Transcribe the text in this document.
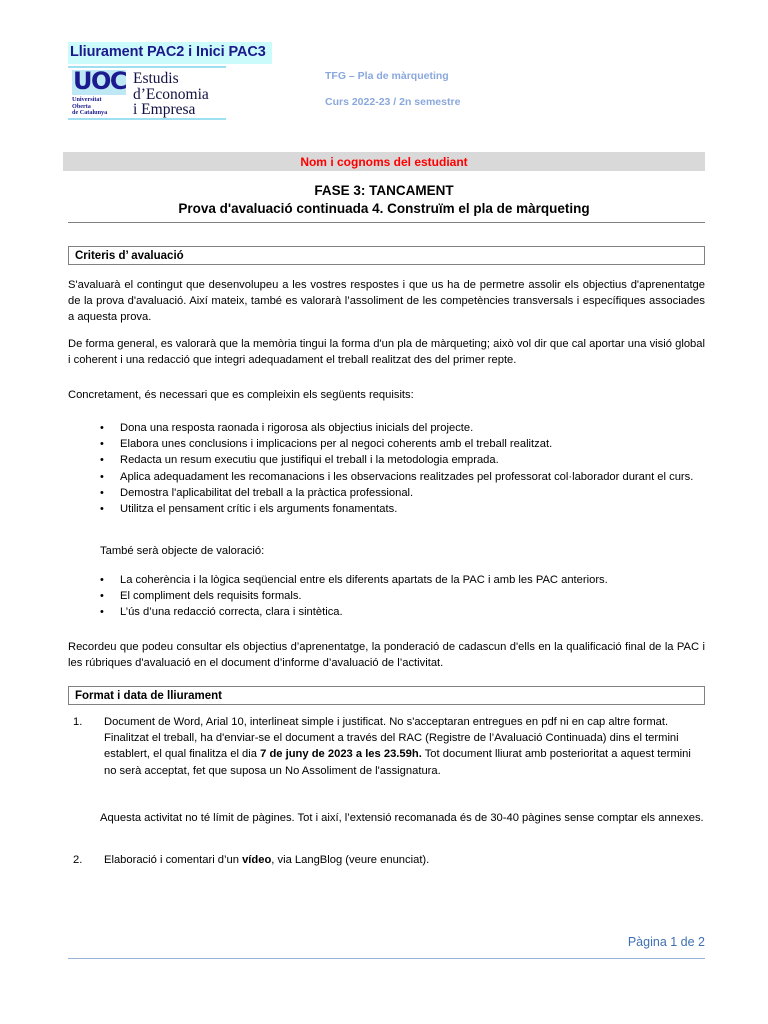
Lliurament PAC2 i Inici PAC3
UOC
Universitat
Oberta
de Catalunya
Estudis
d’Economia
i Empresa
TFG – Pla de màrqueting
Curs 2022-23 / 2n semestre
Nom i cognoms del estudiant
FASE 3: TANCAMENT
Prova d'avaluació continuada 4. Construïm el pla de màrqueting
Criteris d’ avaluació
S'avaluarà el contingut que desenvolupeu a les vostres respostes i que us ha de permetre assolir els objectius d'aprenentatge de la prova d'avaluació. Així mateix, també es valorarà l’assoliment de les competències transversals i específiques associades a aquesta prova.
De forma general, es valorarà que la memòria tingui la forma d'un pla de màrqueting; això vol dir que cal aportar una visió global i coherent i una redacció que integri adequadament el treball realitzat des del primer repte.
Concretament, és necessari que es compleixin els següents requisits:
•	Dona una resposta raonada i rigorosa als objectius inicials del projecte.
•	Elabora unes conclusions i implicacions per al negoci coherents amb el treball realitzat.
•	Redacta un resum executiu que justifiqui el treball i la metodologia emprada.
•	Aplica adequadament les recomanacions i les observacions realitzades pel professorat col·laborador durant el curs.
•	Demostra l'aplicabilitat del treball a la pràctica professional.
•	Utilitza el pensament crític i els arguments fonamentats.
També serà objecte de valoració:
•	La coherència i la lògica seqüencial entre els diferents apartats de la PAC i amb les PAC anteriors.
•	El compliment dels requisits formals.
•	L’ús d’una redacció correcta, clara i sintètica.
Recordeu que podeu consultar els objectius d’aprenentatge, la ponderació de cadascun d'ells en la qualificació final de la PAC i les rúbriques d'avaluació en el document d’informe d’avaluació de l’activitat.
Format i data de lliurament
1.	Document de Word, Arial 10, interlineat simple i justificat. No s'acceptaran entregues en pdf ni en cap altre format. Finalitzat el treball, ha d'enviar-se el document a través del RAC (Registre de l’Avaluació Continuada) dins el termini establert, el qual finalitza el dia 7 de juny de 2023 a les 23.59h. Tot document lliurat amb posterioritat a aquest termini no serà acceptat, fet que suposa un No Assoliment de l'assignatura.
Aquesta activitat no té límit de pàgines. Tot i així, l’extensió recomanada és de 30-40 pàgines sense comptar els annexes.
2.	Elaboració i comentari d’un vídeo, via LangBlog (veure enunciat).
Pàgina 1 de 2
